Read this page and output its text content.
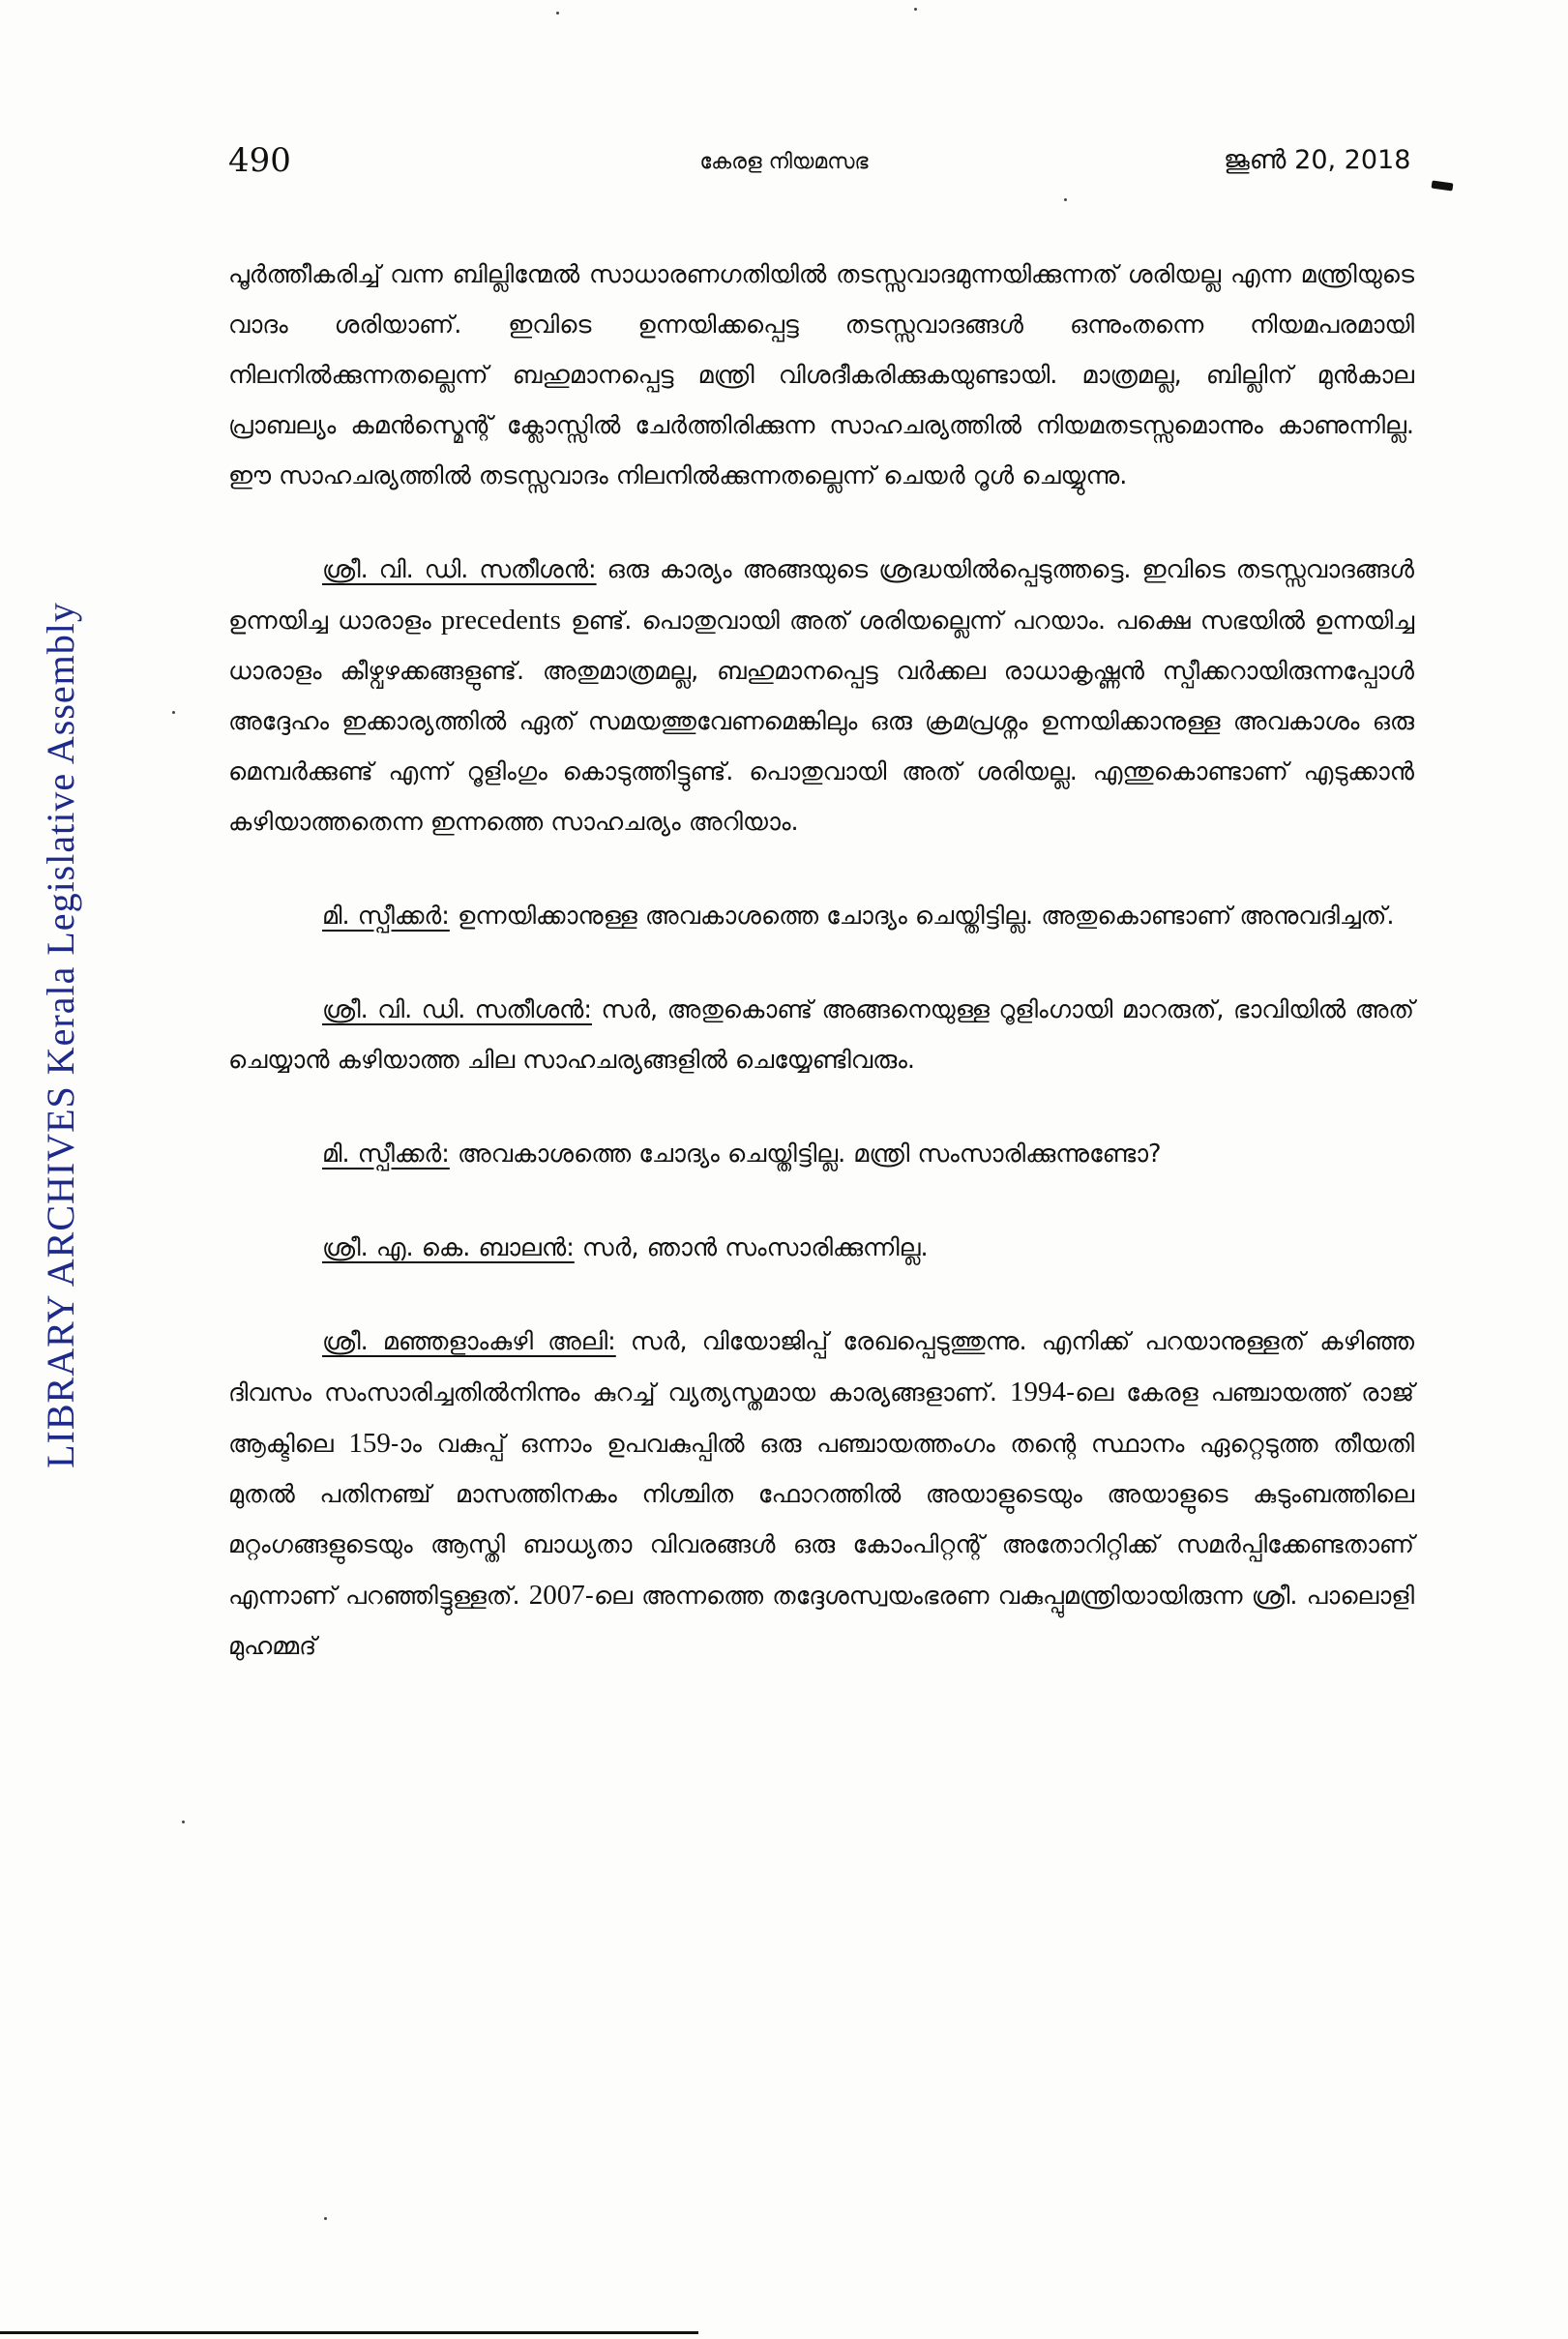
490	കേരള നിയമസഭ	ജൂൺ 20, 2018
LIBRARY ARCHIVES Kerala Legislative Assembly

പൂർത്തീകരിച്ച് വന്ന ബില്ലിന്മേൽ സാധാരണഗതിയിൽ തടസ്സവാദമുന്നയിക്കുന്നത് ശരിയല്ല എന്ന മന്ത്രിയുടെ വാദം ശരിയാണ്. ഇവിടെ ഉന്നയിക്കപ്പെട്ട തടസ്സവാദങ്ങൾ ഒന്നുംതന്നെ നിയമപരമായി നിലനിൽക്കുന്നതല്ലെന്ന് ബഹുമാനപ്പെട്ട മന്ത്രി വിശദീകരിക്കുകയുണ്ടായി. മാത്രമല്ല, ബില്ലിന് മുൻകാല പ്രാബല്യം കമൻസ്മെന്റ് ക്ലോസ്സിൽ ചേർത്തിരിക്കുന്ന സാഹചര്യത്തിൽ നിയമതടസ്സമൊന്നും കാണുന്നില്ല. ഈ സാഹചര്യത്തിൽ തടസ്സവാദം നിലനിൽക്കുന്നതല്ലെന്ന് ചെയർ റൂൾ ചെയ്യുന്നു.

ശ്രീ. വി. ഡി. സതീശൻ: ഒരു കാര്യം അങ്ങയുടെ ശ്രദ്ധയിൽപ്പെടുത്തട്ടെ. ഇവിടെ തടസ്സവാദങ്ങൾ ഉന്നയിച്ച ധാരാളം precedents ഉണ്ട്. പൊതുവായി അത് ശരിയല്ലെന്ന് പറയാം. പക്ഷെ സഭയിൽ ഉന്നയിച്ച ധാരാളം കീഴ്വഴക്കങ്ങളുണ്ട്. അതുമാത്രമല്ല, ബഹുമാനപ്പെട്ട വർക്കല രാധാകൃഷ്ണൻ സ്പീക്കറായിരുന്നപ്പോൾ അദ്ദേഹം ഇക്കാര്യത്തിൽ ഏത് സമയത്തുവേണമെങ്കിലും ഒരു ക്രമപ്രശ്നം ഉന്നയിക്കാനുള്ള അവകാശം ഒരു മെമ്പർക്കുണ്ട് എന്ന് റൂളിംഗും കൊടുത്തിട്ടുണ്ട്. പൊതുവായി അത് ശരിയല്ല. എന്തുകൊണ്ടാണ് എടുക്കാൻ കഴിയാത്തതെന്ന ഇന്നത്തെ സാഹചര്യം അറിയാം.

മി. സ്പീക്കർ: ഉന്നയിക്കാനുള്ള അവകാശത്തെ ചോദ്യം ചെയ്തിട്ടില്ല. അതുകൊണ്ടാണ് അനുവദിച്ചത്.

ശ്രീ. വി. ഡി. സതീശൻ: സർ, അതുകൊണ്ട് അങ്ങനെയുള്ള റൂളിംഗായി മാറരുത്, ഭാവിയിൽ അത് ചെയ്യാൻ കഴിയാത്ത ചില സാഹചര്യങ്ങളിൽ ചെയ്യേണ്ടിവരും.

മി. സ്പീക്കർ: അവകാശത്തെ ചോദ്യം ചെയ്തിട്ടില്ല. മന്ത്രി സംസാരിക്കുന്നുണ്ടോ?

ശ്രീ. എ. കെ. ബാലൻ: സർ, ഞാൻ സംസാരിക്കുന്നില്ല.

ശ്രീ. മഞ്ഞളാംകുഴി അലി: സർ, വിയോജിപ്പ് രേഖപ്പെടുത്തുന്നു. എനിക്ക് പറയാനുള്ളത് കഴിഞ്ഞ ദിവസം സംസാരിച്ചതിൽനിന്നും കുറച്ച് വ്യത്യസ്തമായ കാര്യങ്ങളാണ്. 1994-ലെ കേരള പഞ്ചായത്ത് രാജ് ആക്ടിലെ 159-ാം വകുപ്പ് ഒന്നാം ഉപവകുപ്പിൽ ഒരു പഞ്ചായത്തംഗം തന്റെ സ്ഥാനം ഏറ്റെടുത്ത തീയതി മുതൽ പതിനഞ്ച് മാസത്തിനകം നിശ്ചിത ഫോറത്തിൽ അയാളുടെയും അയാളുടെ കുടുംബത്തിലെ മറ്റംഗങ്ങളുടെയും ആസ്തി ബാധ്യതാ വിവരങ്ങൾ ഒരു കോംപിറ്റന്റ് അതോറിറ്റിക്ക് സമർപ്പിക്കേണ്ടതാണ് എന്നാണ് പറഞ്ഞിട്ടുള്ളത്. 2007-ലെ അന്നത്തെ തദ്ദേശസ്വയംഭരണ വകുപ്പുമന്ത്രിയായിരുന്ന ശ്രീ. പാലൊളി മുഹമ്മദ്
